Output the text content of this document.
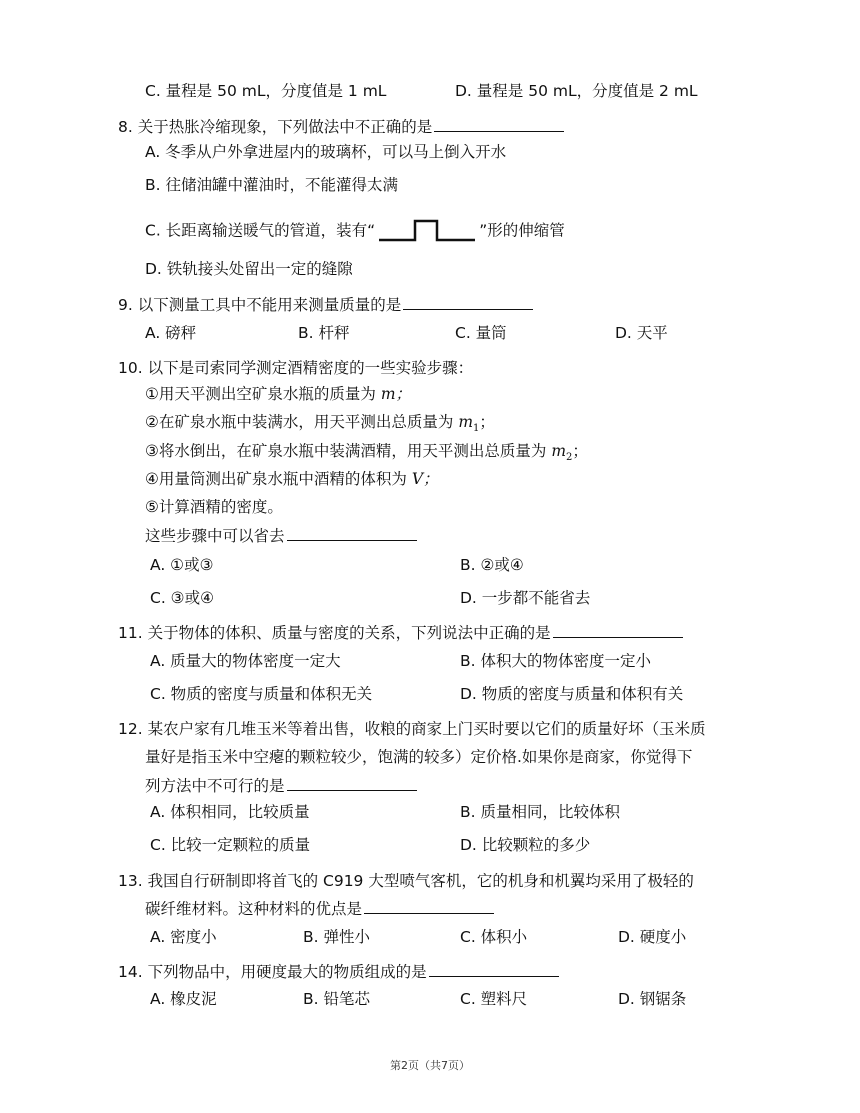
C. 量程是 50 mL，分度值是 1 mL	D. 量程是 50 mL，分度值是 2 mL
8. 关于热胀冷缩现象，下列做法中不正确的是
A. 冬季从户外拿进屋内的玻璃杯，可以马上倒入开水
B. 往储油罐中灌油时，不能灌得太满
C. 长距离输送暖气的管道，装有“	”形的伸缩管
D. 铁轨接头处留出一定的缝隙
9. 以下测量工具中不能用来测量质量的是
A. 磅秤	B. 杆秤	C. 量筒	D. 天平
10. 以下是司索同学测定酒精密度的一些实验步骤：
①用天平测出空矿泉水瓶的质量为 m；
②在矿泉水瓶中装满水，用天平测出总质量为 $m_1$；
③将水倒出，在矿泉水瓶中装满酒精，用天平测出总质量为 $m_2$；
④用量筒测出矿泉水瓶中酒精的体积为 V；
⑤计算酒精的密度。
这些步骤中可以省去
A. ①或③	B. ②或④
C. ③或④	D. 一步都不能省去
11. 关于物体的体积、质量与密度的关系，下列说法中正确的是
A. 质量大的物体密度一定大	B. 体积大的物体密度一定小
C. 物质的密度与质量和体积无关	D. 物质的密度与质量和体积有关
12. 某农户家有几堆玉米等着出售，收粮的商家上门买时要以它们的质量好坏（玉米质
量好是指玉米中空瘪的颗粒较少，饱满的较多）定价格.如果你是商家，你觉得下
列方法中不可行的是
A. 体积相同，比较质量	B. 质量相同，比较体积
C. 比较一定颗粒的质量	D. 比较颗粒的多少
13. 我国自行研制即将首飞的 C919 大型喷气客机，它的机身和机翼均采用了极轻的
碳纤维材料。这种材料的优点是
A. 密度小	B. 弹性小	C. 体积小	D. 硬度小
14. 下列物品中，用硬度最大的物质组成的是
A. 橡皮泥	B. 铅笔芯	C. 塑料尺	D. 钢锯条
第2页（共7页）
